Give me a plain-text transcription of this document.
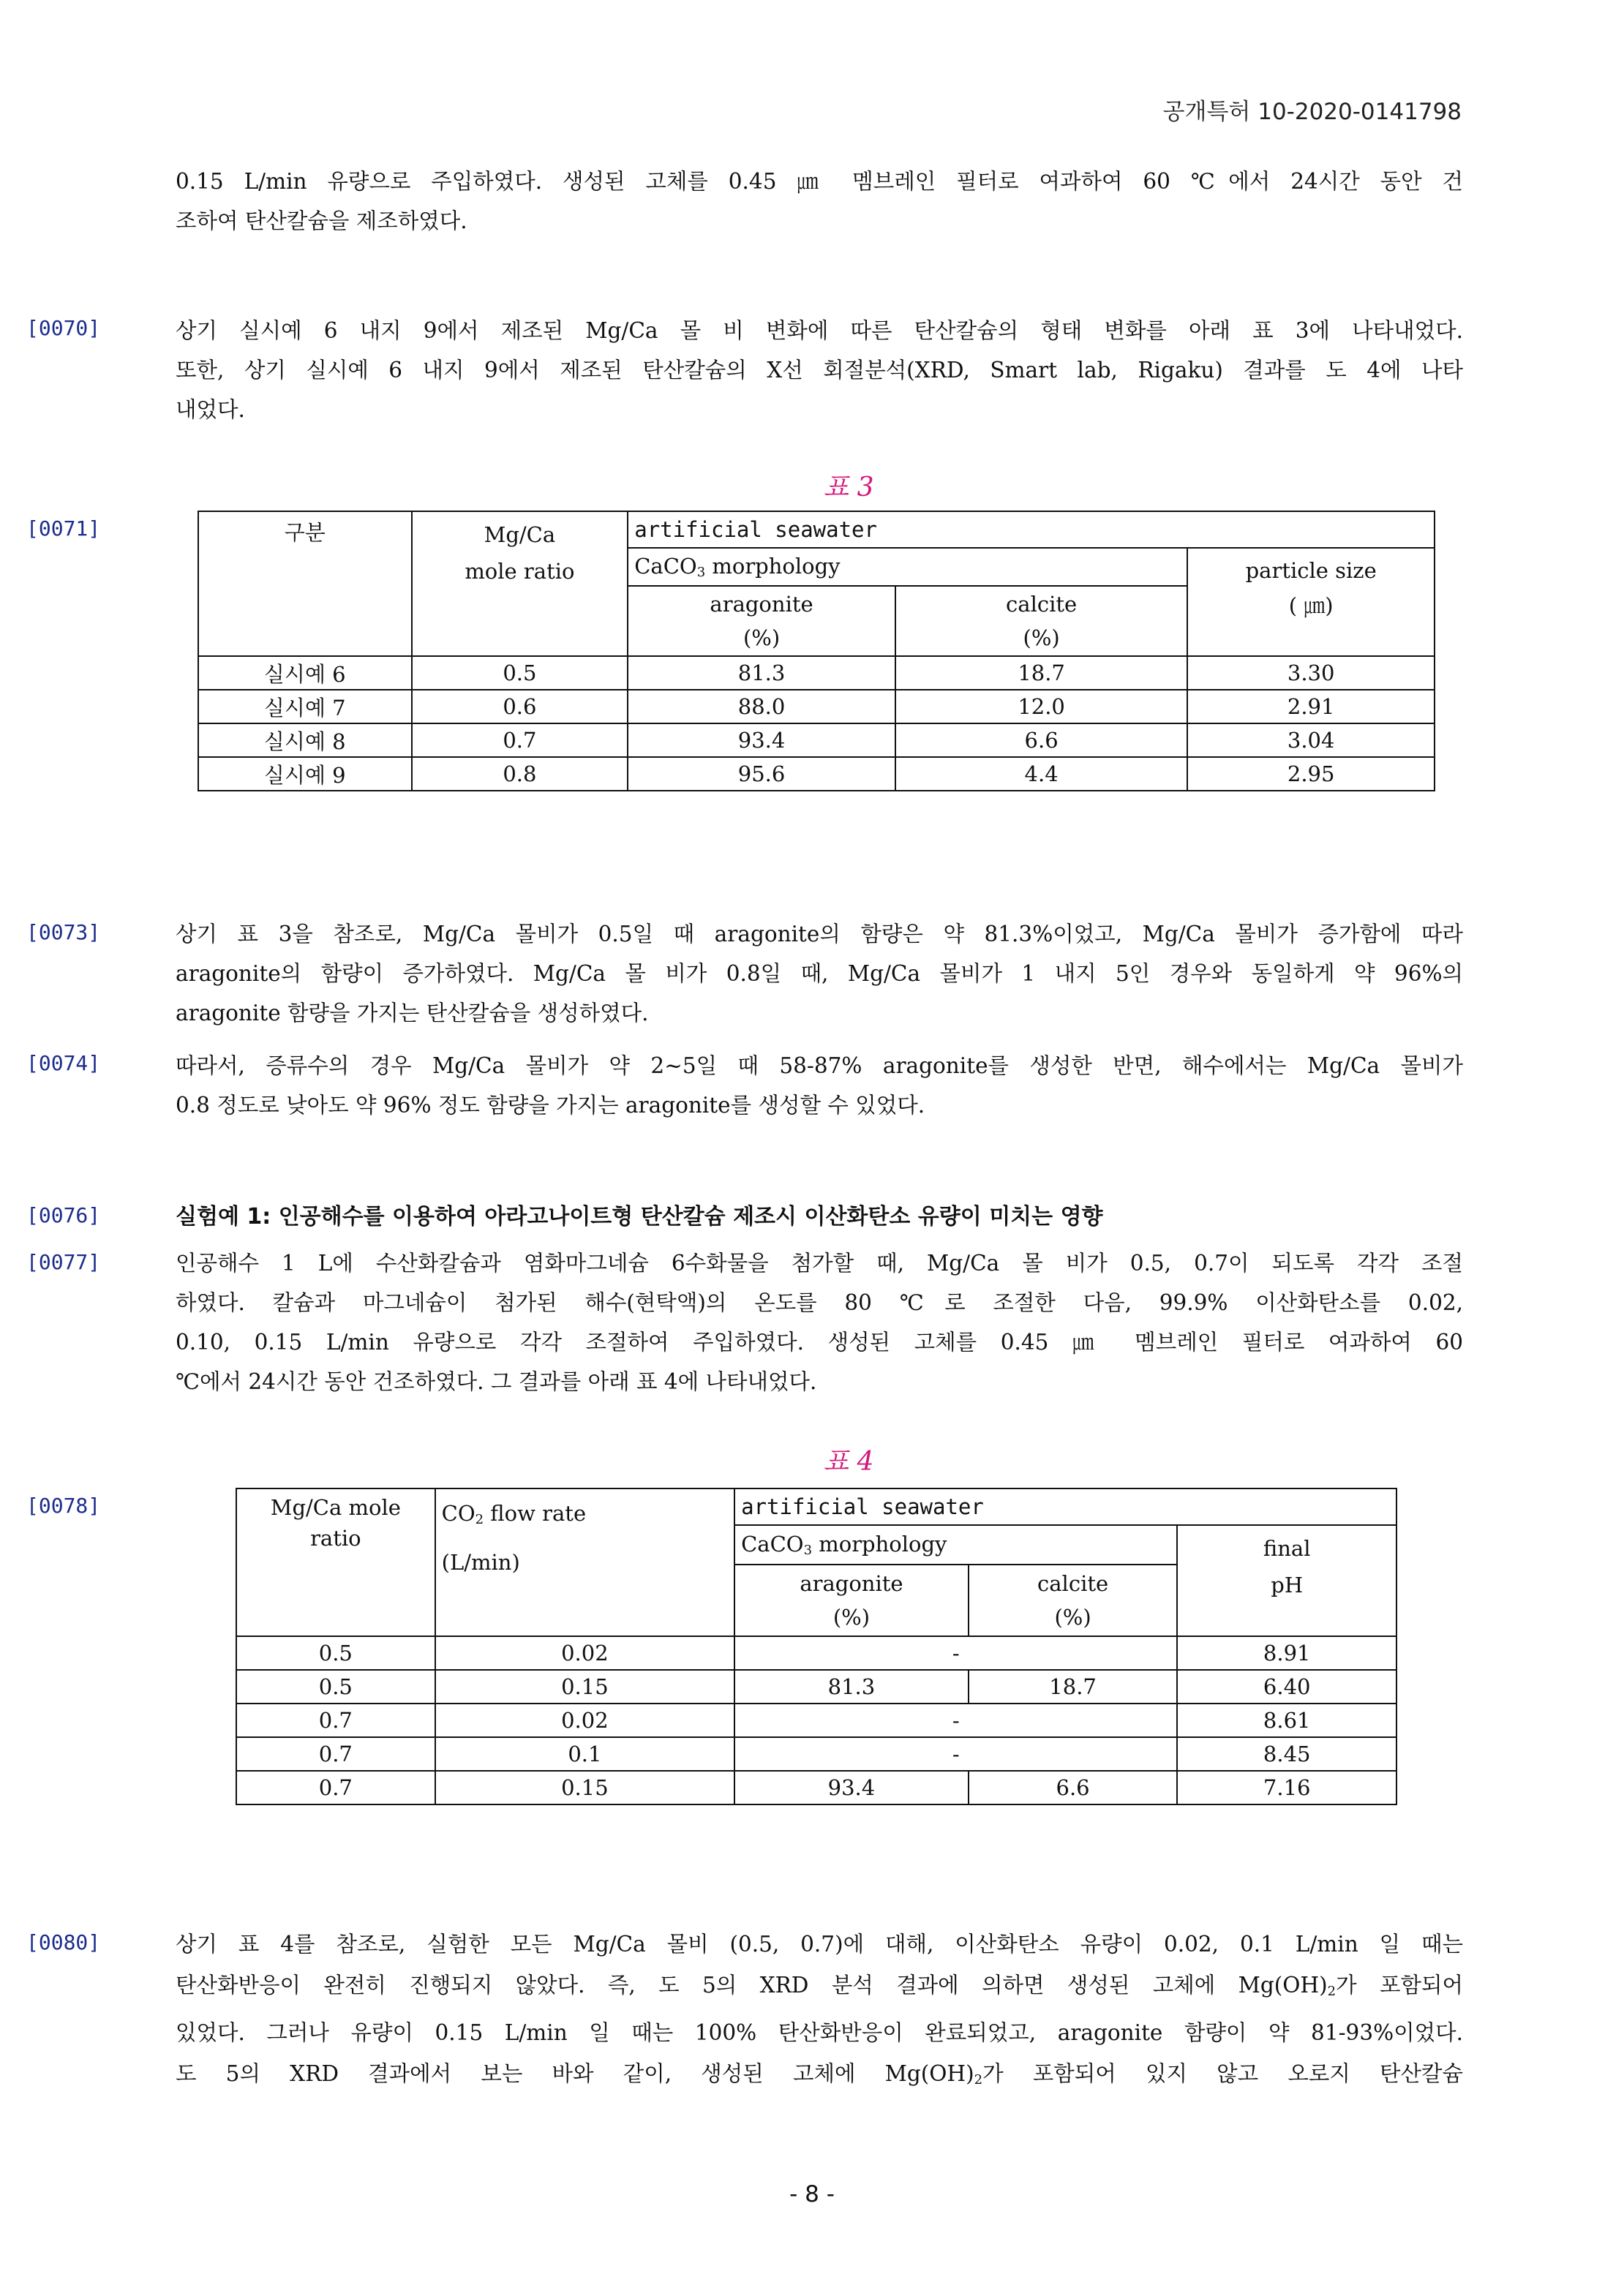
공개특허 10-2020-0141798
0.15 L/min 유량으로 주입하였다. 생성된 고체를 0.45 ㎛ 멤브레인 필터로 여과하여 60 ℃에서 24시간 동안 건
조하여 탄산칼슘을 제조하였다.
[0070]	상기 실시예 6 내지 9에서 제조된 Mg/Ca 몰 비 변화에 따른 탄산칼슘의 형태 변화를 아래 표 3에 나타내었다.
또한, 상기 실시예 6 내지 9에서 제조된 탄산칼슘의 X선 회절분석(XRD, Smart lab, Rigaku) 결과를 도 4에 나타
내었다.
표 3
[0071]	구분	Mg/Ca
mole ratio	artificial seawater		
		CaCO$_3$ morphology		particle size
( ㎛)
		aragonite
(%)	calcite
(%)	
실시예 6	0.5	81.3	18.7	3.30
실시예 7	0.6	88.0	12.0	2.91
실시예 8	0.7	93.4	6.6	3.04
실시예 9	0.8	95.6	4.4	2.95
[0073]	상기 표 3을 참조로, Mg/Ca 몰비가 0.5일 때 aragonite의 함량은 약 81.3%이었고, Mg/Ca 몰비가 증가함에 따라
aragonite의 함량이 증가하였다. Mg/Ca 몰 비가 0.8일 때, Mg/Ca 몰비가 1 내지 5인 경우와 동일하게 약 96%의
aragonite 함량을 가지는 탄산칼슘을 생성하였다.
[0074]	따라서, 증류수의 경우 Mg/Ca 몰비가 약 2~5일 때 58-87% aragonite를 생성한 반면, 해수에서는 Mg/Ca 몰비가
0.8 정도로 낮아도 약 96% 정도 함량을 가지는 aragonite를 생성할 수 있었다.
[0076]	실험예 1: 인공해수를 이용하여 아라고나이트형 탄산칼슘 제조시 이산화탄소 유량이 미치는 영향
[0077]	인공해수 1 L에 수산화칼슘과 염화마그네슘 6수화물을 첨가할 때, Mg/Ca 몰 비가 0.5, 0.7이 되도록 각각 조절
하였다. 칼슘과 마그네슘이 첨가된 해수(현탁액)의 온도를 80 ℃로 조절한 다음, 99.9% 이산화탄소를 0.02,
0.10, 0.15 L/min 유량으로 각각 조절하여 주입하였다. 생성된 고체를 0.45 ㎛ 멤브레인 필터로 여과하여 60
℃에서 24시간 동안 건조하였다. 그 결과를 아래 표 4에 나타내었다.
표 4
[0078]	Mg/Ca mole
ratio	$CO_2$ flow rate
(L/min)	artificial seawater		
		CaCO$_3$ morphology		final
pH
		aragonite
(%)	calcite
(%)	
0.5	0.02	-		8.91
0.5	0.15	81.3	18.7	6.40
0.7	0.02	-		8.61
0.7	0.1	-		8.45
0.7	0.15	93.4	6.6	7.16
[0080]	상기 표 4를 참조로, 실험한 모든 Mg/Ca 몰비 (0.5, 0.7)에 대해, 이산화탄소 유량이 0.02, 0.1 L/min 일 때는
탄산화반응이 완전히 진행되지 않았다. 즉, 도 5의 XRD 분석 결과에 의하면 생성된 고체에 $Mg(OH)_2$가 포함되어
있었다. 그러나 유량이 0.15 L/min 일 때는 100% 탄산화반응이 완료되었고, aragonite 함량이 약 81-93%이었다.
도 5의 XRD 결과에서 보는 바와 같이, 생성된 고체에 $Mg(OH)_2$가 포함되어 있지 않고 오로지 탄산칼슘
- 8 -
